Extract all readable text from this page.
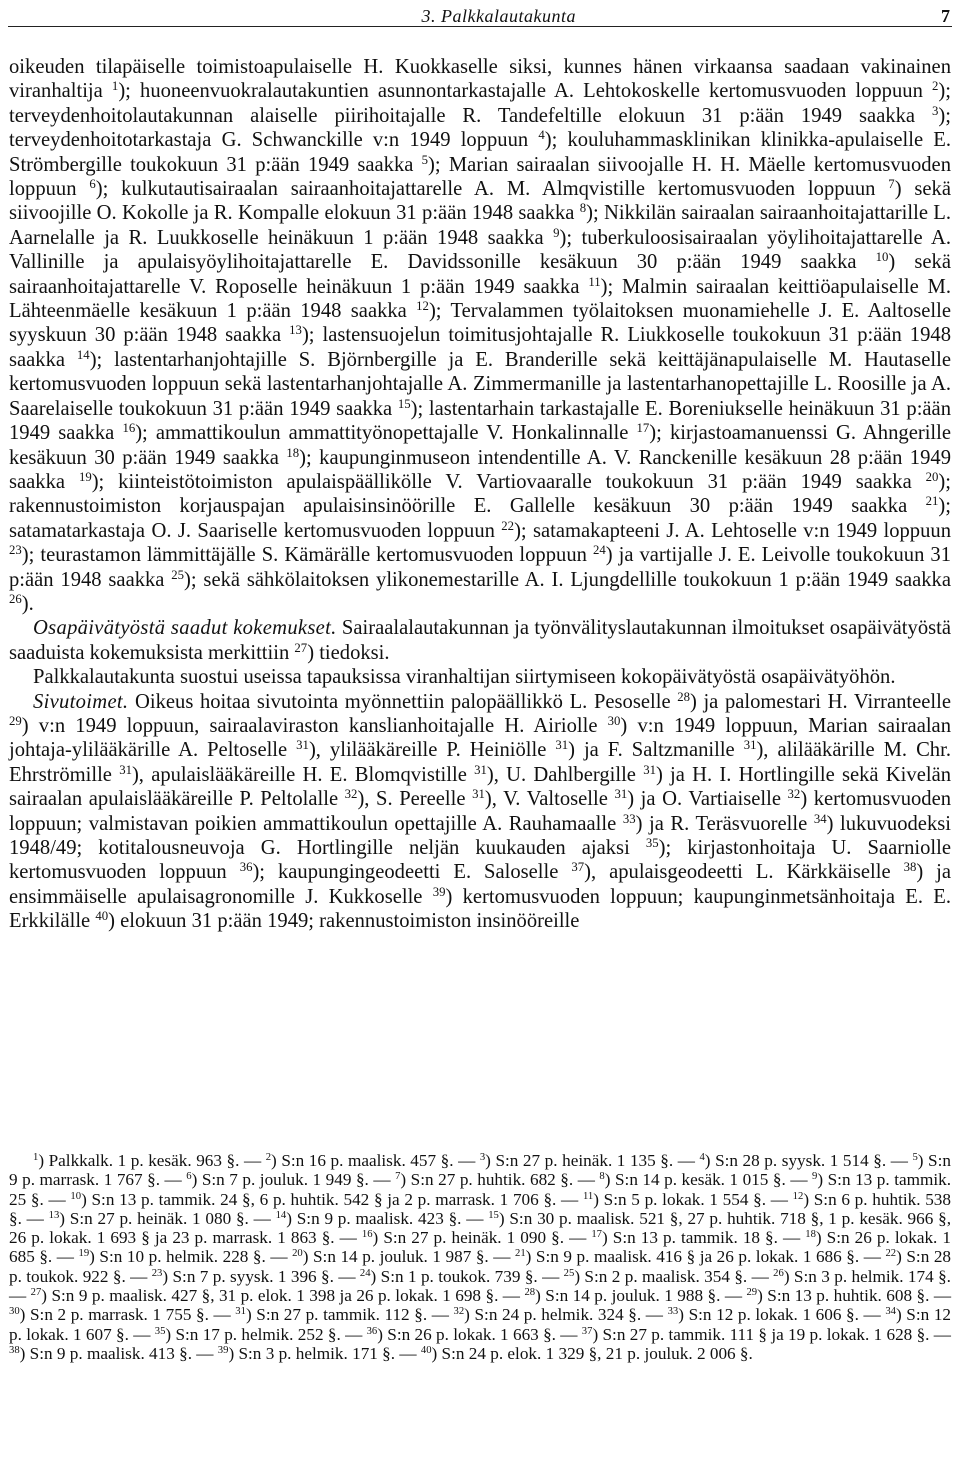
3. Palkkalautakunta	7

oikeuden tilapäiselle toimistoapulaiselle H. Kuokkaselle siksi, kunnes hänen virkaansa saadaan vakinainen viranhaltija $^1$); huoneenvuokralautakuntien asunnontarkastajalle A. Lehtokoskelle kertomusvuoden loppuun $^2$); terveydenhoitolautakunnan alaiselle piirihoitajalle R. Tandefeltille elokuun 31 p:ään 1949 saakka $^3$); terveydenhoitotarkastaja G. Schwanckille v:n 1949 loppuun $^4$); kouluhammasklinikan klinikka-apulaiselle E. Strömbergille toukokuun 31 p:ään 1949 saakka $^5$); Marian sairaalan siivoojalle H. H. Mäelle kertomusvuoden loppuun $^6$); kulkutautisairaalan sairaanhoitajattarelle A. M. Almqvistille kertomusvuoden loppuun $^7$) sekä siivoojille O. Kokolle ja R. Kompalle elokuun 31 p:ään 1948 saakka $^8$); Nikkilän sairaalan sairaanhoitajattarille L. Aarnelalle ja R. Luukkoselle heinäkuun 1 p:ään 1948 saakka $^9$); tuberkuloosisairaalan yöylihoitajattarelle A. Vallinille ja apulaisyöylihoitajattarelle E. Davidssonille kesäkuun 30 p:ään 1949 saakka $^{10}$) sekä sairaanhoitajattarelle V. Roposelle heinäkuun 1 p:ään 1949 saakka $^{11}$); Malmin sairaalan keittiöapulaiselle M. Lähteenmäelle kesäkuun 1 p:ään 1948 saakka $^{12}$); Tervalammen työlaitoksen muonamiehelle J. E. Aaltoselle syyskuun 30 p:ään 1948 saakka $^{13}$); lastensuojelun toimitusjohtajalle R. Liukkoselle toukokuun 31 p:ään 1948 saakka $^{14}$); lastentarhanjohtajille S. Björnbergille ja E. Branderille sekä keittäjänapulaiselle M. Hautaselle kertomusvuoden loppuun sekä lastentarhanjohtajalle A. Zimmermanille ja lastentarhanopettajille L. Roosille ja A. Saarelaiselle toukokuun 31 p:ään 1949 saakka $^{15}$); lastentarhain tarkastajalle E. Boreniukselle heinäkuun 31 p:ään 1949 saakka $^{16}$); ammattikoulun ammattityönopettajalle V. Honkalinnalle $^{17}$); kirjastoamanuenssi G. Ahngerille kesäkuun 30 p:ään 1949 saakka $^{18}$); kaupunginmuseon intendentille A. V. Ranckenille kesäkuun 28 p:ään 1949 saakka $^{19}$); kiinteistötoimiston apulaispäällikölle V. Vartiovaaralle toukokuun 31 p:ään 1949 saakka $^{20}$); rakennustoimiston korjauspajan apulaisinsinöörille E. Gallelle kesäkuun 30 p:ään 1949 saakka $^{21}$); satamatarkastaja O. J. Saariselle kertomusvuoden loppuun $^{22}$); satamakapteeni J. A. Lehtoselle v:n 1949 loppuun $^{23}$); teurastamon lämmittäjälle S. Kämärälle kertomusvuoden loppuun $^{24}$) ja vartijalle J. E. Leivolle toukokuun 31 p:ään 1948 saakka $^{25}$); sekä sähkölaitoksen ylikonemestarille A. I. Ljungdellille toukokuun 1 p:ään 1949 saakka $^{26}$).

Osapäivätyöstä saadut kokemukset. Sairaalalautakunnan ja työnvälityslautakunnan ilmoitukset osapäivätyöstä saaduista kokemuksista merkittiin $^{27}$) tiedoksi.

Palkkalautakunta suostui useissa tapauksissa viranhaltijan siirtymiseen kokopäivätyöstä osapäivätyöhön.

Sivutoimet. Oikeus hoitaa sivutointa myönnettiin palopäällikkö L. Pesoselle $^{28}$) ja palomestari H. Virranteelle $^{29}$) v:n 1949 loppuun, sairaalaviraston kanslianhoitajalle H. Airiolle $^{30}$) v:n 1949 loppuun, Marian sairaalan johtaja-ylilääkärille A. Peltoselle $^{31}$), ylilääkäreille P. Heiniölle $^{31}$) ja F. Saltzmanille $^{31}$), alilääkärille M. Chr. Ehrströmille $^{31}$), apulaislääkäreille H. E. Blomqvistille $^{31}$), U. Dahlbergille $^{31}$) ja H. I. Hortlingille sekä Kivelän sairaalan apulaislääkäreille P. Peltolalle $^{32}$), S. Pereelle $^{31}$), V. Valtoselle $^{31}$) ja O. Vartiaiselle $^{32}$) kertomusvuoden loppuun; valmistavan poikien ammattikoulun opettajille A. Rauhamaalle $^{33}$) ja R. Teräsvuorelle $^{34}$) lukuvuodeksi 1948/49; kotitalousneuvoja G. Hortlingille neljän kuukauden ajaksi $^{35}$); kirjastonhoitaja U. Saarniolle kertomusvuoden loppuun $^{36}$); kaupungingeodeetti E. Saloselle $^{37}$), apulaisgeodeetti L. Kärkkäiselle $^{38}$) ja ensimmäiselle apulaisagronomille J. Kukkoselle $^{39}$) kertomusvuoden loppuun; kaupunginmetsänhoitaja E. E. Erkkilälle $^{40}$) elokuun 31 p:ään 1949; rakennustoimiston insinööreille

$^1$) Palkkalk. 1 p. kesäk. 963 §. — $^2$) S:n 16 p. maalisk. 457 §. — $^3$) S:n 27 p. heinäk. 1 135 §. — $^4$) S:n 28 p. syysk. 1 514 §. — $^5$) S:n 9 p. marrask. 1 767 §. — $^6$) S:n 7 p. jouluk. 1 949 §. — $^7$) S:n 27 p. huhtik. 682 §. — $^8$) S:n 14 p. kesäk. 1 015 §. — $^9$) S:n 13 p. tammik. 25 §. — $^{10}$) S:n 13 p. tammik. 24 §, 6 p. huhtik. 542 § ja 2 p. marrask. 1 706 §. — $^{11}$) S:n 5 p. lokak. 1 554 §. — $^{12}$) S:n 6 p. huhtik. 538 §. — $^{13}$) S:n 27 p. heinäk. 1 080 §. — $^{14}$) S:n 9 p. maalisk. 423 §. — $^{15}$) S:n 30 p. maalisk. 521 §, 27 p. huhtik. 718 §, 1 p. kesäk. 966 §, 26 p. lokak. 1 693 § ja 23 p. marrask. 1 863 §. — $^{16}$) S:n 27 p. heinäk. 1 090 §. — $^{17}$) S:n 13 p. tammik. 18 §. — $^{18}$) S:n 26 p. lokak. 1 685 §. — $^{19}$) S:n 10 p. helmik. 228 §. — $^{20}$) S:n 14 p. jouluk. 1 987 §. — $^{21}$) S:n 9 p. maalisk. 416 § ja 26 p. lokak. 1 686 §. — $^{22}$) S:n 28 p. toukok. 922 §. — $^{23}$) S:n 7 p. syysk. 1 396 §. — $^{24}$) S:n 1 p. toukok. 739 §. — $^{25}$) S:n 2 p. maalisk. 354 §. — $^{26}$) S:n 3 p. helmik. 174 §. — $^{27}$) S:n 9 p. maalisk. 427 §, 31 p. elok. 1 398 ja 26 p. lokak. 1 698 §. — $^{28}$) S:n 14 p. jouluk. 1 988 §. — $^{29}$) S:n 13 p. huhtik. 608 §. — $^{30}$) S:n 2 p. marrask. 1 755 §. — $^{31}$) S:n 27 p. tammik. 112 §. — $^{32}$) S:n 24 p. helmik. 324 §. — $^{33}$) S:n 12 p. lokak. 1 606 §. — $^{34}$) S:n 12 p. lokak. 1 607 §. — $^{35}$) S:n 17 p. helmik. 252 §. — $^{36}$) S:n 26 p. lokak. 1 663 §. — $^{37}$) S:n 27 p. tammik. 111 § ja 19 p. lokak. 1 628 §. — $^{38}$) S:n 9 p. maalisk. 413 §. — $^{39}$) S:n 3 p. helmik. 171 §. — $^{40}$) S:n 24 p. elok. 1 329 §, 21 p. jouluk. 2 006 §.
